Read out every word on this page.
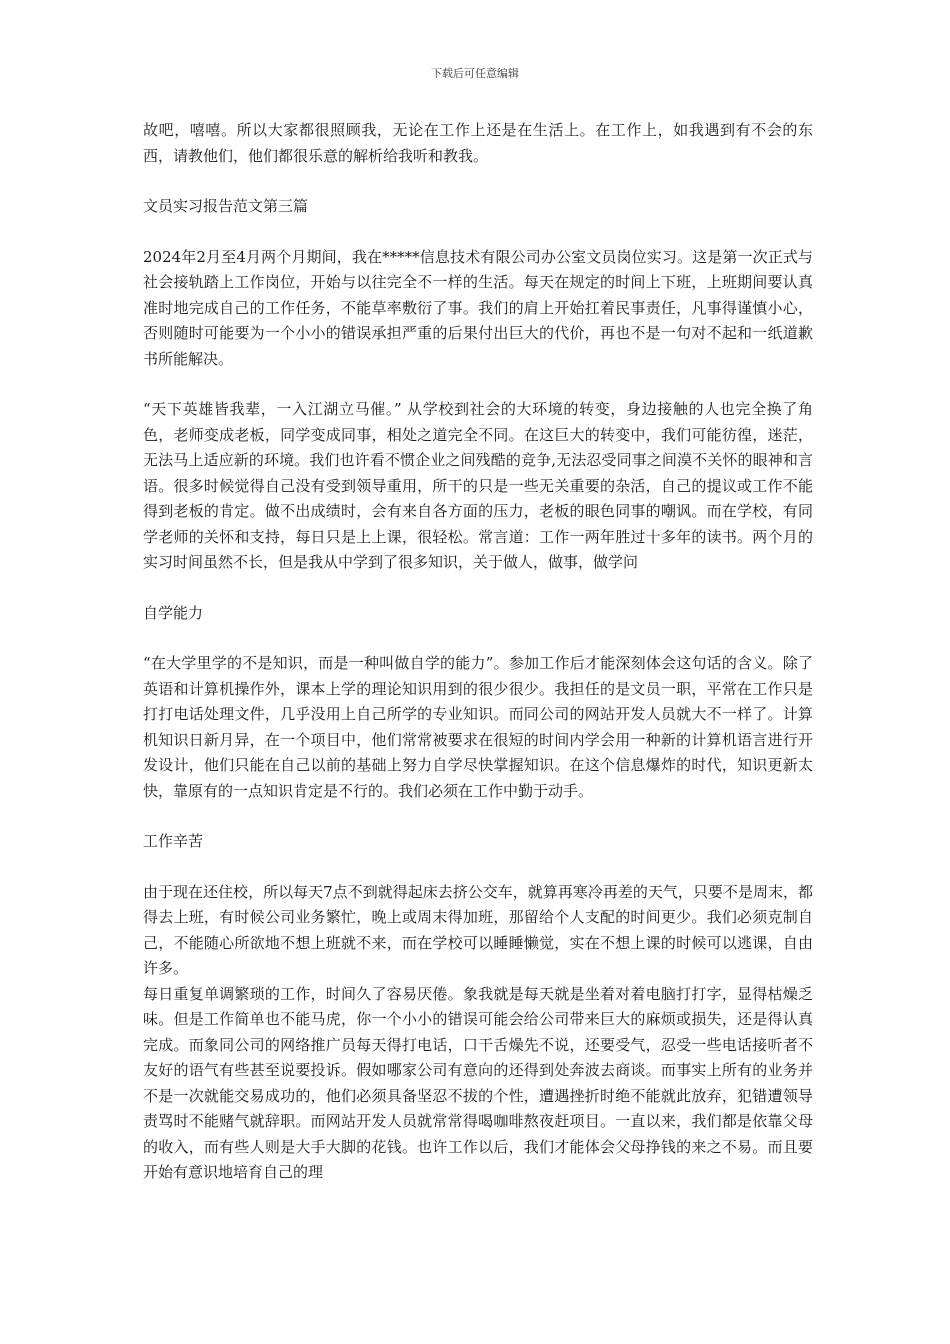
下载后可任意编辑

故吧，嘻嘻。所以大家都很照顾我，无论在工作上还是在生活上。在工作上，如我遇到有不会的东西，请教他们，他们都很乐意的解析给我听和教我。

文员实习报告范文第三篇

2024年2月至4月两个月期间，我在*****信息技术有限公司办公室文员岗位实习。这是第一次正式与社会接轨踏上工作岗位，开始与以往完全不一样的生活。每天在规定的时间上下班，上班期间要认真准时地完成自己的工作任务，不能草率敷衍了事。我们的肩上开始扛着民事责任，凡事得谨慎小心，否则随时可能要为一个小小的错误承担严重的后果付出巨大的代价，再也不是一句对不起和一纸道歉书所能解决。

“天下英雄皆我辈，一入江湖立马催。” 从学校到社会的大环境的转变，身边接触的人也完全换了角色，老师变成老板，同学变成同事，相处之道完全不同。在这巨大的转变中，我们可能彷徨，迷茫，无法马上适应新的环境。我们也许看不惯企业之间残酷的竞争,无法忍受同事之间漠不关怀的眼神和言语。很多时候觉得自己没有受到领导重用，所干的只是一些无关重要的杂活，自己的提议或工作不能得到老板的肯定。做不出成绩时，会有来自各方面的压力，老板的眼色同事的嘲讽。而在学校，有同学老师的关怀和支持，每日只是上上课，很轻松。常言道：工作一两年胜过十多年的读书。两个月的实习时间虽然不长，但是我从中学到了很多知识，关于做人，做事，做学问

自学能力

“在大学里学的不是知识，而是一种叫做自学的能力”。参加工作后才能深刻体会这句话的含义。除了英语和计算机操作外，课本上学的理论知识用到的很少很少。我担任的是文员一职，平常在工作只是打打电话处理文件，几乎没用上自己所学的专业知识。而同公司的网站开发人员就大不一样了。计算机知识日新月异，在一个项目中，他们常常被要求在很短的时间内学会用一种新的计算机语言进行开发设计，他们只能在自己以前的基础上努力自学尽快掌握知识。在这个信息爆炸的时代，知识更新太快，靠原有的一点知识肯定是不行的。我们必须在工作中勤于动手。

工作辛苦

由于现在还住校，所以每天7点不到就得起床去挤公交车，就算再寒冷再差的天气，只要不是周末，都得去上班，有时候公司业务繁忙，晚上或周末得加班，那留给个人支配的时间更少。我们必须克制自己，不能随心所欲地不想上班就不来，而在学校可以睡睡懒觉，实在不想上课的时候可以逃课，自由许多。

每日重复单调繁琐的工作，时间久了容易厌倦。象我就是每天就是坐着对着电脑打打字，显得枯燥乏味。但是工作简单也不能马虎，你一个小小的错误可能会给公司带来巨大的麻烦或损失，还是得认真完成。而象同公司的网络推广员每天得打电话，口干舌燥先不说，还要受气，忍受一些电话接听者不友好的语气有些甚至说要投诉。假如哪家公司有意向的还得到处奔波去商谈。而事实上所有的业务并不是一次就能交易成功的，他们必须具备坚忍不拔的个性，遭遇挫折时绝不能就此放弃，犯错遭领导责骂时不能赌气就辞职。而网站开发人员就常常得喝咖啡熬夜赶项目。一直以来，我们都是依靠父母的收入，而有些人则是大手大脚的花钱。也许工作以后，我们才能体会父母挣钱的来之不易。而且要开始有意识地培育自己的理
